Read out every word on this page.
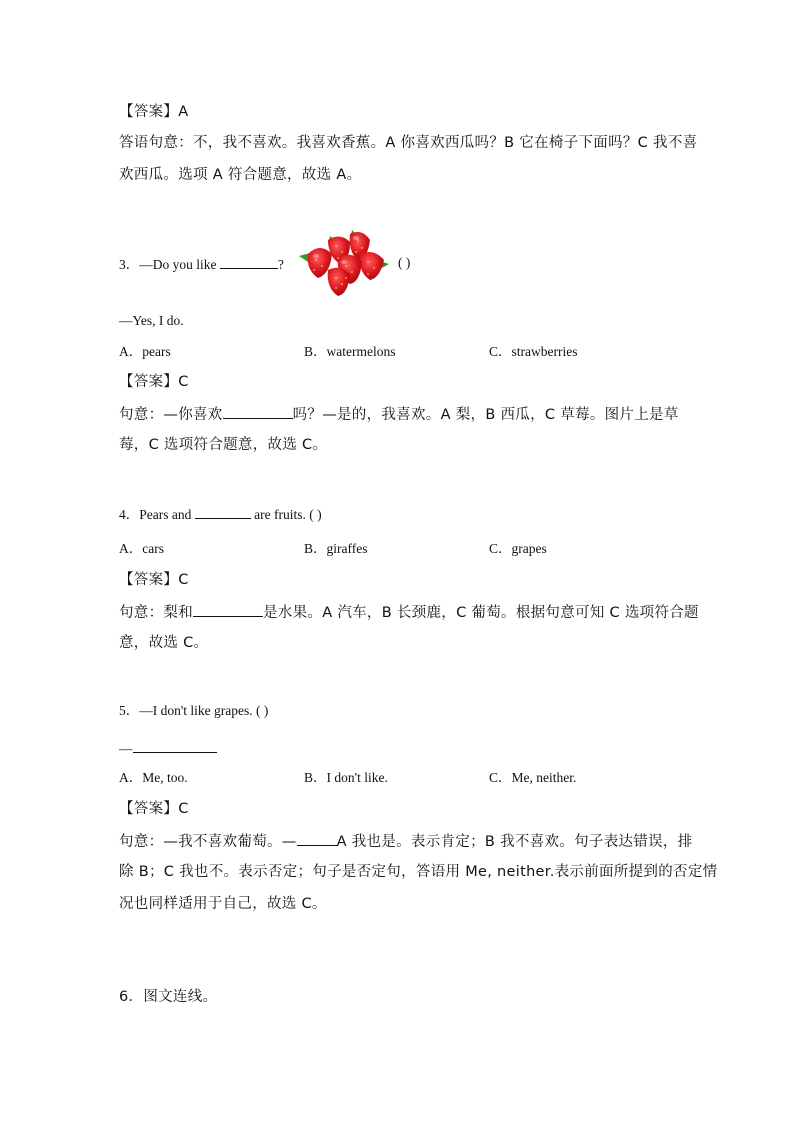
【答案】A
答语句意：不，我不喜欢。我喜欢香蕉。A 你喜欢西瓜吗？B 它在椅子下面吗？C 我不喜
欢西瓜。选项 A 符合题意，故选 A。
3．—Do you like	?	( )
—Yes, I do.
A．pears	B．watermelons	C．strawberries
【答案】C
句意：—你喜欢	吗？—是的，我喜欢。A 梨，B 西瓜，C 草莓。图片上是草
莓，C 选项符合题意，故选 C。
4．Pears and	are fruits. ( )
A．cars	B．giraffes	C．grapes
【答案】C
句意：梨和	是水果。A 汽车，B 长颈鹿，C 葡萄。根据句意可知 C 选项符合题
意，故选 C。
5．—I don't like grapes. ( )
—
A．Me, too.	B．I don't like.	C．Me, neither.
【答案】C
句意：—我不喜欢葡萄。—	A 我也是。表示肯定；B 我不喜欢。句子表达错误，排
除 B；C 我也不。表示否定；句子是否定句，答语用 Me, neither.表示前面所提到的否定情
况也同样适用于自己，故选 C。
6．图文连线。
